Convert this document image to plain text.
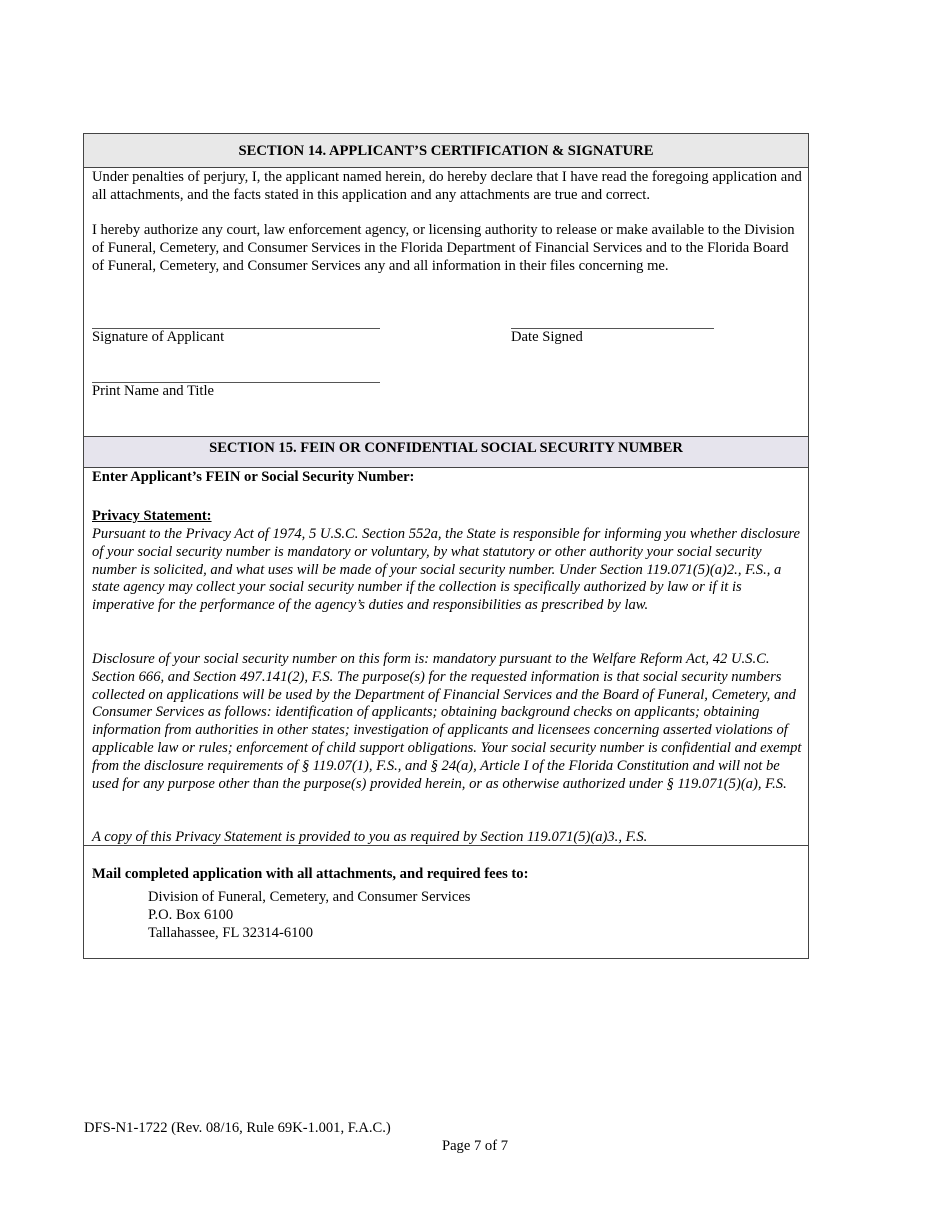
SECTION 14. APPLICANT’S CERTIFICATION & SIGNATURE
Under penalties of perjury, I, the applicant named herein, do hereby declare that I have read the foregoing application and all attachments, and the facts stated in this application and any attachments are true and correct.
I hereby authorize any court, law enforcement agency, or licensing authority to release or make available to the Division of Funeral, Cemetery, and Consumer Services in the Florida Department of Financial Services and to the Florida Board of Funeral, Cemetery, and Consumer Services any and all information in their files concerning me.
Signature of Applicant	Date Signed
Print Name and Title
SECTION 15. FEIN OR CONFIDENTIAL SOCIAL SECURITY NUMBER
Enter Applicant’s FEIN or Social Security Number:
Privacy Statement:
Pursuant to the Privacy Act of 1974, 5 U.S.C. Section 552a, the State is responsible for informing you whether disclosure of your social security number is mandatory or voluntary, by what statutory or other authority your social security number is solicited, and what uses will be made of your social security number. Under Section 119.071(5)(a)2., F.S., a state agency may collect your social security number if the collection is specifically authorized by law or if it is imperative for the performance of the agency’s duties and responsibilities as prescribed by law.
Disclosure of your social security number on this form is: mandatory pursuant to the Welfare Reform Act, 42 U.S.C. Section 666, and Section 497.141(2), F.S. The purpose(s) for the requested information is that social security numbers collected on applications will be used by the Department of Financial Services and the Board of Funeral, Cemetery, and Consumer Services as follows: identification of applicants; obtaining background checks on applicants; obtaining information from authorities in other states; investigation of applicants and licensees concerning asserted violations of applicable law or rules; enforcement of child support obligations. Your social security number is confidential and exempt from the disclosure requirements of § 119.07(1), F.S., and § 24(a), Article I of the Florida Constitution and will not be used for any purpose other than the purpose(s) provided herein, or as otherwise authorized under § 119.071(5)(a), F.S.
A copy of this Privacy Statement is provided to you as required by Section 119.071(5)(a)3., F.S.
Mail completed application with all attachments, and required fees to:
Division of Funeral, Cemetery, and Consumer Services
P.O. Box 6100
Tallahassee, FL 32314-6100
DFS-N1-1722 (Rev. 08/16, Rule 69K-1.001, F.A.C.)
Page 7 of 7
